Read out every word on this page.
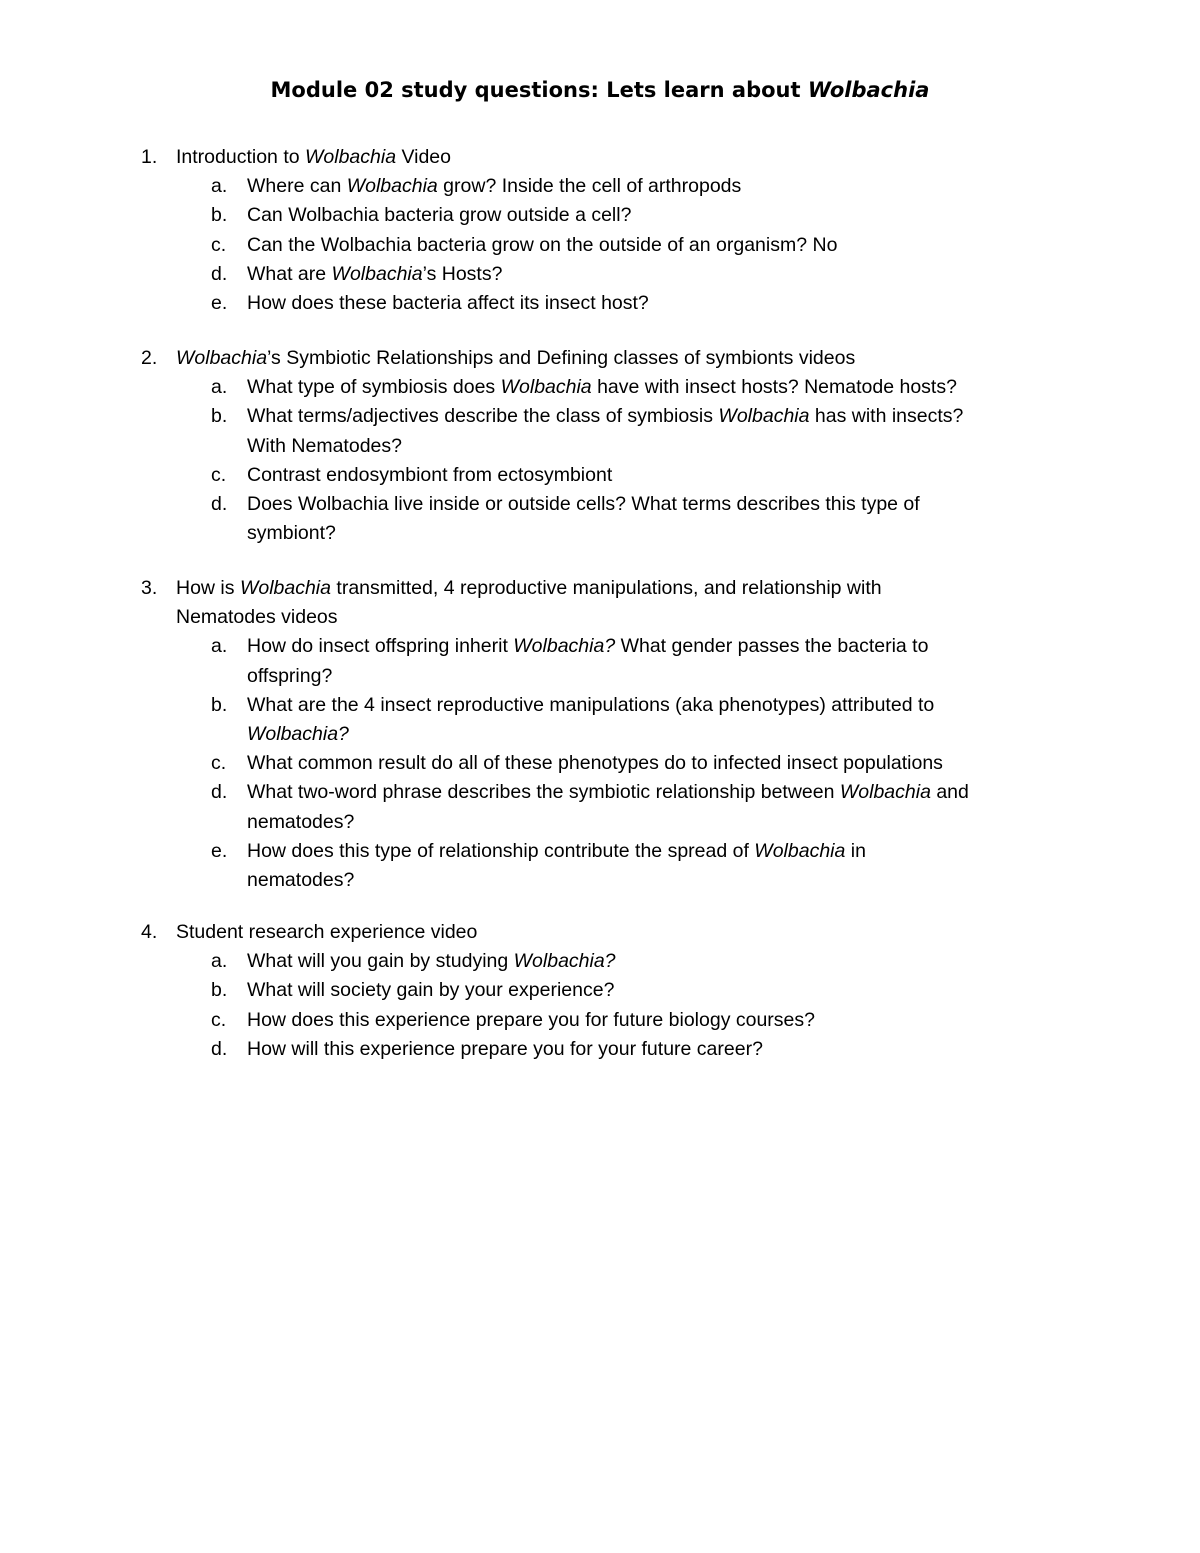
Module 02 study questions: Lets learn about Wolbachia
1. Introduction to Wolbachia Video
a.	Where can Wolbachia grow? Inside the cell of arthropods
b.	Can Wolbachia bacteria grow outside a cell?
c.	Can the Wolbachia bacteria grow on the outside of an organism? No
d.	What are Wolbachia’s Hosts?
e.	How does these bacteria affect its insect host?
2. Wolbachia’s Symbiotic Relationships and Defining classes of symbionts videos
a.	What type of symbiosis does Wolbachia have with insect hosts? Nematode hosts?
b.	What terms/adjectives describe the class of symbiosis Wolbachia has with insects?
With Nematodes?
c.	Contrast endosymbiont from ectosymbiont
d.	Does Wolbachia live inside or outside cells? What terms describes this type of
symbiont?
3. How is Wolbachia transmitted, 4 reproductive manipulations, and relationship with
Nematodes videos
a.	How do insect offspring inherit Wolbachia? What gender passes the bacteria to
offspring?
b.	What are the 4 insect reproductive manipulations (aka phenotypes) attributed to
Wolbachia?
c.	What common result do all of these phenotypes do to infected insect populations
d.	What two-word phrase describes the symbiotic relationship between Wolbachia and
nematodes?
e.	How does this type of relationship contribute the spread of Wolbachia in
nematodes?
4. Student research experience video
a.	What will you gain by studying Wolbachia?
b.	What will society gain by your experience?
c.	How does this experience prepare you for future biology courses?
d.	How will this experience prepare you for your future career?
